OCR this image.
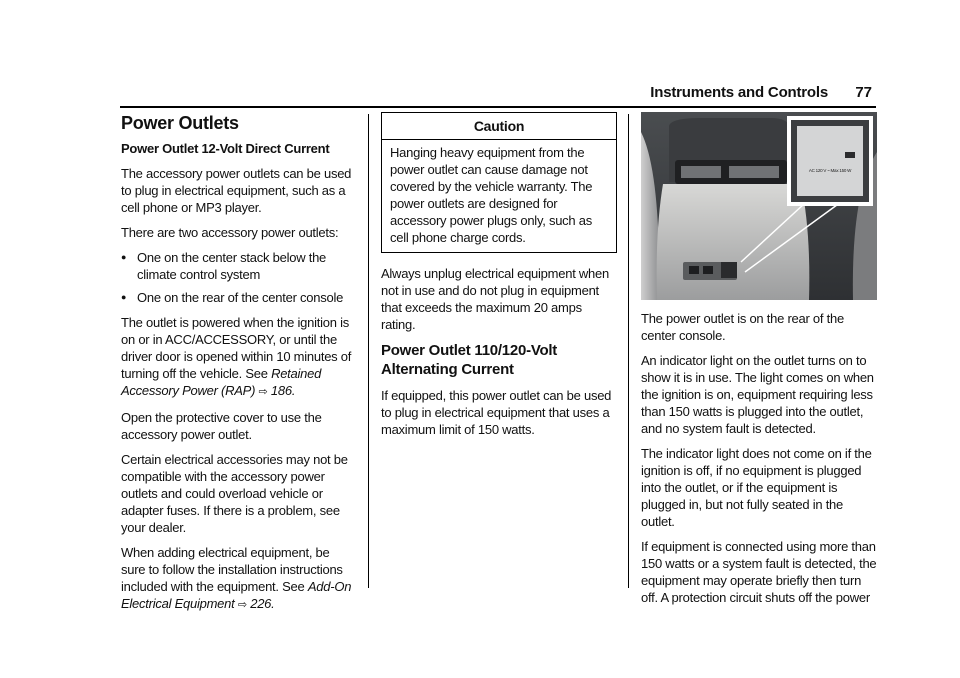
Instruments and Controls 77
Power Outlets
Power Outlet 12-Volt Direct Current

The accessory power outlets can be used to plug in electrical equipment, such as a cell phone or MP3 player.

There are two accessory power outlets:

● One on the center stack below the climate control system
● One on the rear of the center console

The outlet is powered when the ignition is on or in ACC/ACCESSORY, or until the driver door is opened within 10 minutes of turning off the vehicle. See Retained Accessory Power (RAP) ⇨ 186.

Open the protective cover to use the accessory power outlet.

Certain electrical accessories may not be compatible with the accessory power outlets and could overload vehicle or adapter fuses. If there is a problem, see your dealer.

When adding electrical equipment, be sure to follow the installation instructions included with the equipment. See Add-On Electrical Equipment ⇨ 226.

Caution
Hanging heavy equipment from the power outlet can cause damage not covered by the vehicle warranty. The power outlets are designed for accessory power plugs only, such as cell phone charge cords.

Always unplug electrical equipment when not in use and do not plug in equipment that exceeds the maximum 20 amps rating.

Power Outlet 110/120-Volt Alternating Current

If equipped, this power outlet can be used to plug in electrical equipment that uses a maximum limit of 150 watts.

AC 120 V ~ Max 150 W

The power outlet is on the rear of the center console.

An indicator light on the outlet turns on to show it is in use. The light comes on when the ignition is on, equipment requiring less than 150 watts is plugged into the outlet, and no system fault is detected.

The indicator light does not come on if the ignition is off, if no equipment is plugged into the outlet, or if the equipment is plugged in, but not fully seated in the outlet.

If equipment is connected using more than 150 watts or a system fault is detected, the equipment may operate briefly then turn off. A protection circuit shuts off the power
